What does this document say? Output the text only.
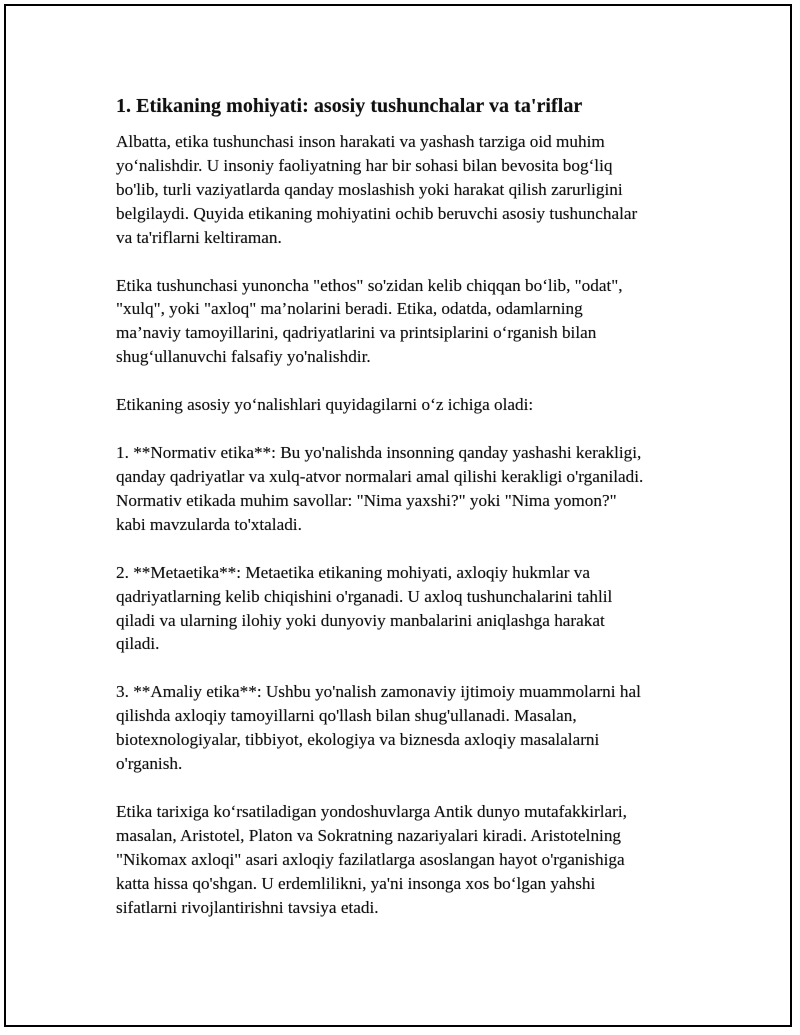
1. Etikaning mohiyati: asosiy tushunchalar va ta'riflar

Albatta, etika tushunchasi inson harakati va yashash tarziga oid muhim
yo‘nalishdir. U insoniy faoliyatning har bir sohasi bilan bevosita bog‘liq
bo'lib, turli vaziyatlarda qanday moslashish yoki harakat qilish zarurligini
belgilaydi. Quyida etikaning mohiyatini ochib beruvchi asosiy tushunchalar
va ta'riflarni keltiraman.

Etika tushunchasi yunoncha "ethos" so'zidan kelib chiqqan bo‘lib, "odat",
"xulq", yoki "axloq" ma’nolarini beradi. Etika, odatda, odamlarning
ma’naviy tamoyillarini, qadriyatlarini va printsiplarini o‘rganish bilan
shug‘ullanuvchi falsafiy yo'nalishdir.

Etikaning asosiy yo‘nalishlari quyidagilarni o‘z ichiga oladi:

1. **Normativ etika**: Bu yo'nalishda insonning qanday yashashi kerakligi,
qanday qadriyatlar va xulq-atvor normalari amal qilishi kerakligi o'rganiladi.
Normativ etikada muhim savollar: "Nima yaxshi?" yoki "Nima yomon?"
kabi mavzularda to'xtaladi.

2. **Metaetika**: Metaetika etikaning mohiyati, axloqiy hukmlar va
qadriyatlarning kelib chiqishini o'rganadi. U axloq tushunchalarini tahlil
qiladi va ularning ilohiy yoki dunyoviy manbalarini aniqlashga harakat
qiladi.

3. **Amaliy etika**: Ushbu yo'nalish zamonaviy ijtimoiy muammolarni hal
qilishda axloqiy tamoyillarni qo'llash bilan shug'ullanadi. Masalan,
biotexnologiyalar, tibbiyot, ekologiya va biznesda axloqiy masalalarni
o'rganish.

Etika tarixiga ko‘rsatiladigan yondoshuvlarga Antik dunyo mutafakkirlari,
masalan, Aristotel, Platon va Sokratning nazariyalari kiradi. Aristotelning
"Nikomax axloqi" asari axloqiy fazilatlarga asoslangan hayot o'rganishiga
katta hissa qo'shgan. U erdemlilikni, ya'ni insonga xos bo‘lgan yahshi
sifatlarni rivojlantirishni tavsiya etadi.
